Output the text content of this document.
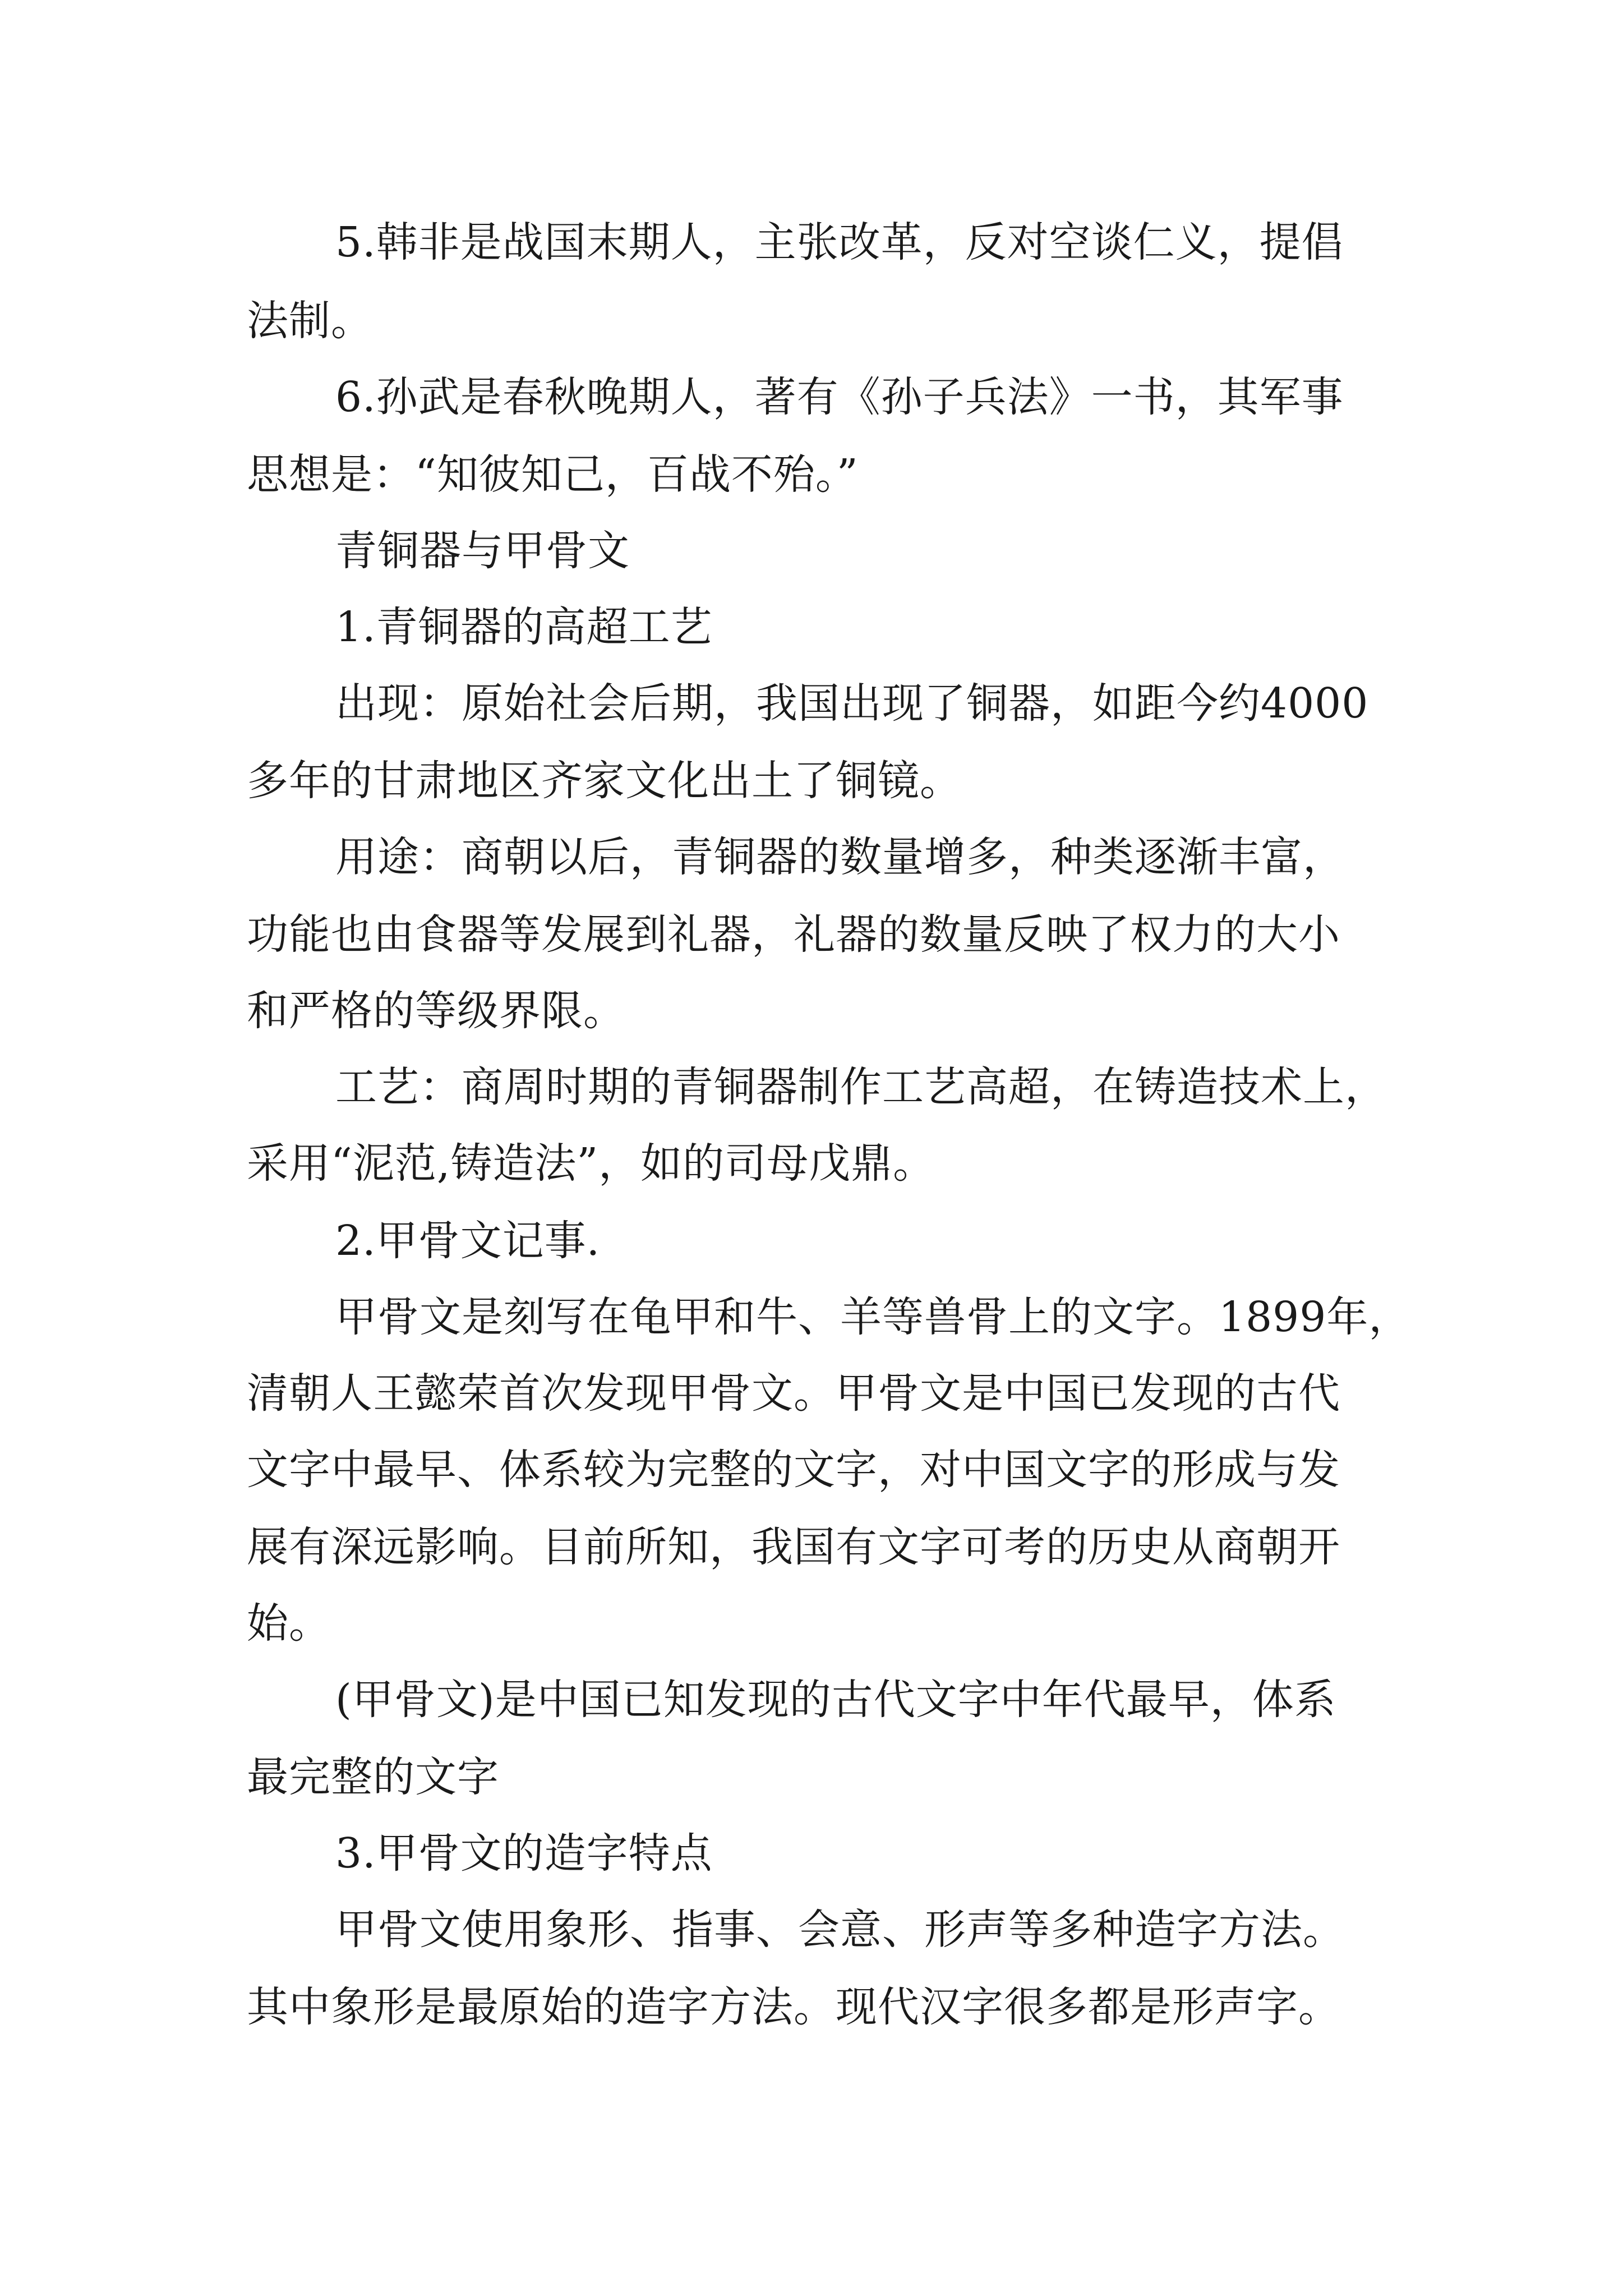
5.韩非是战国末期人，主张改革，反对空谈仁义，提倡
法制。
6.孙武是春秋晚期人，著有《孙子兵法》一书，其军事
思想是：“知彼知己，百战不殆。”
青铜器与甲骨文
1.青铜器的高超工艺
出现：原始社会后期，我国出现了铜器，如距今约4000
多年的甘肃地区齐家文化出土了铜镜。
用途：商朝以后，青铜器的数量增多，种类逐渐丰富，
功能也由食器等发展到礼器，礼器的数量反映了权力的大小
和严格的等级界限。
工艺：商周时期的青铜器制作工艺高超，在铸造技术上，
采用“泥范,铸造法”，如的司母戊鼎。
2.甲骨文记事.
甲骨文是刻写在龟甲和牛、羊等兽骨上的文字。1899年，
清朝人王懿荣首次发现甲骨文。甲骨文是中国已发现的古代
文字中最早、体系较为完整的文字，对中国文字的形成与发
展有深远影响。目前所知，我国有文字可考的历史从商朝开
始。
(甲骨文)是中国已知发现的古代文字中年代最早，体系
最完整的文字
3.甲骨文的造字特点
甲骨文使用象形、指事、会意、形声等多种造字方法。
其中象形是最原始的造字方法。现代汉字很多都是形声字。
